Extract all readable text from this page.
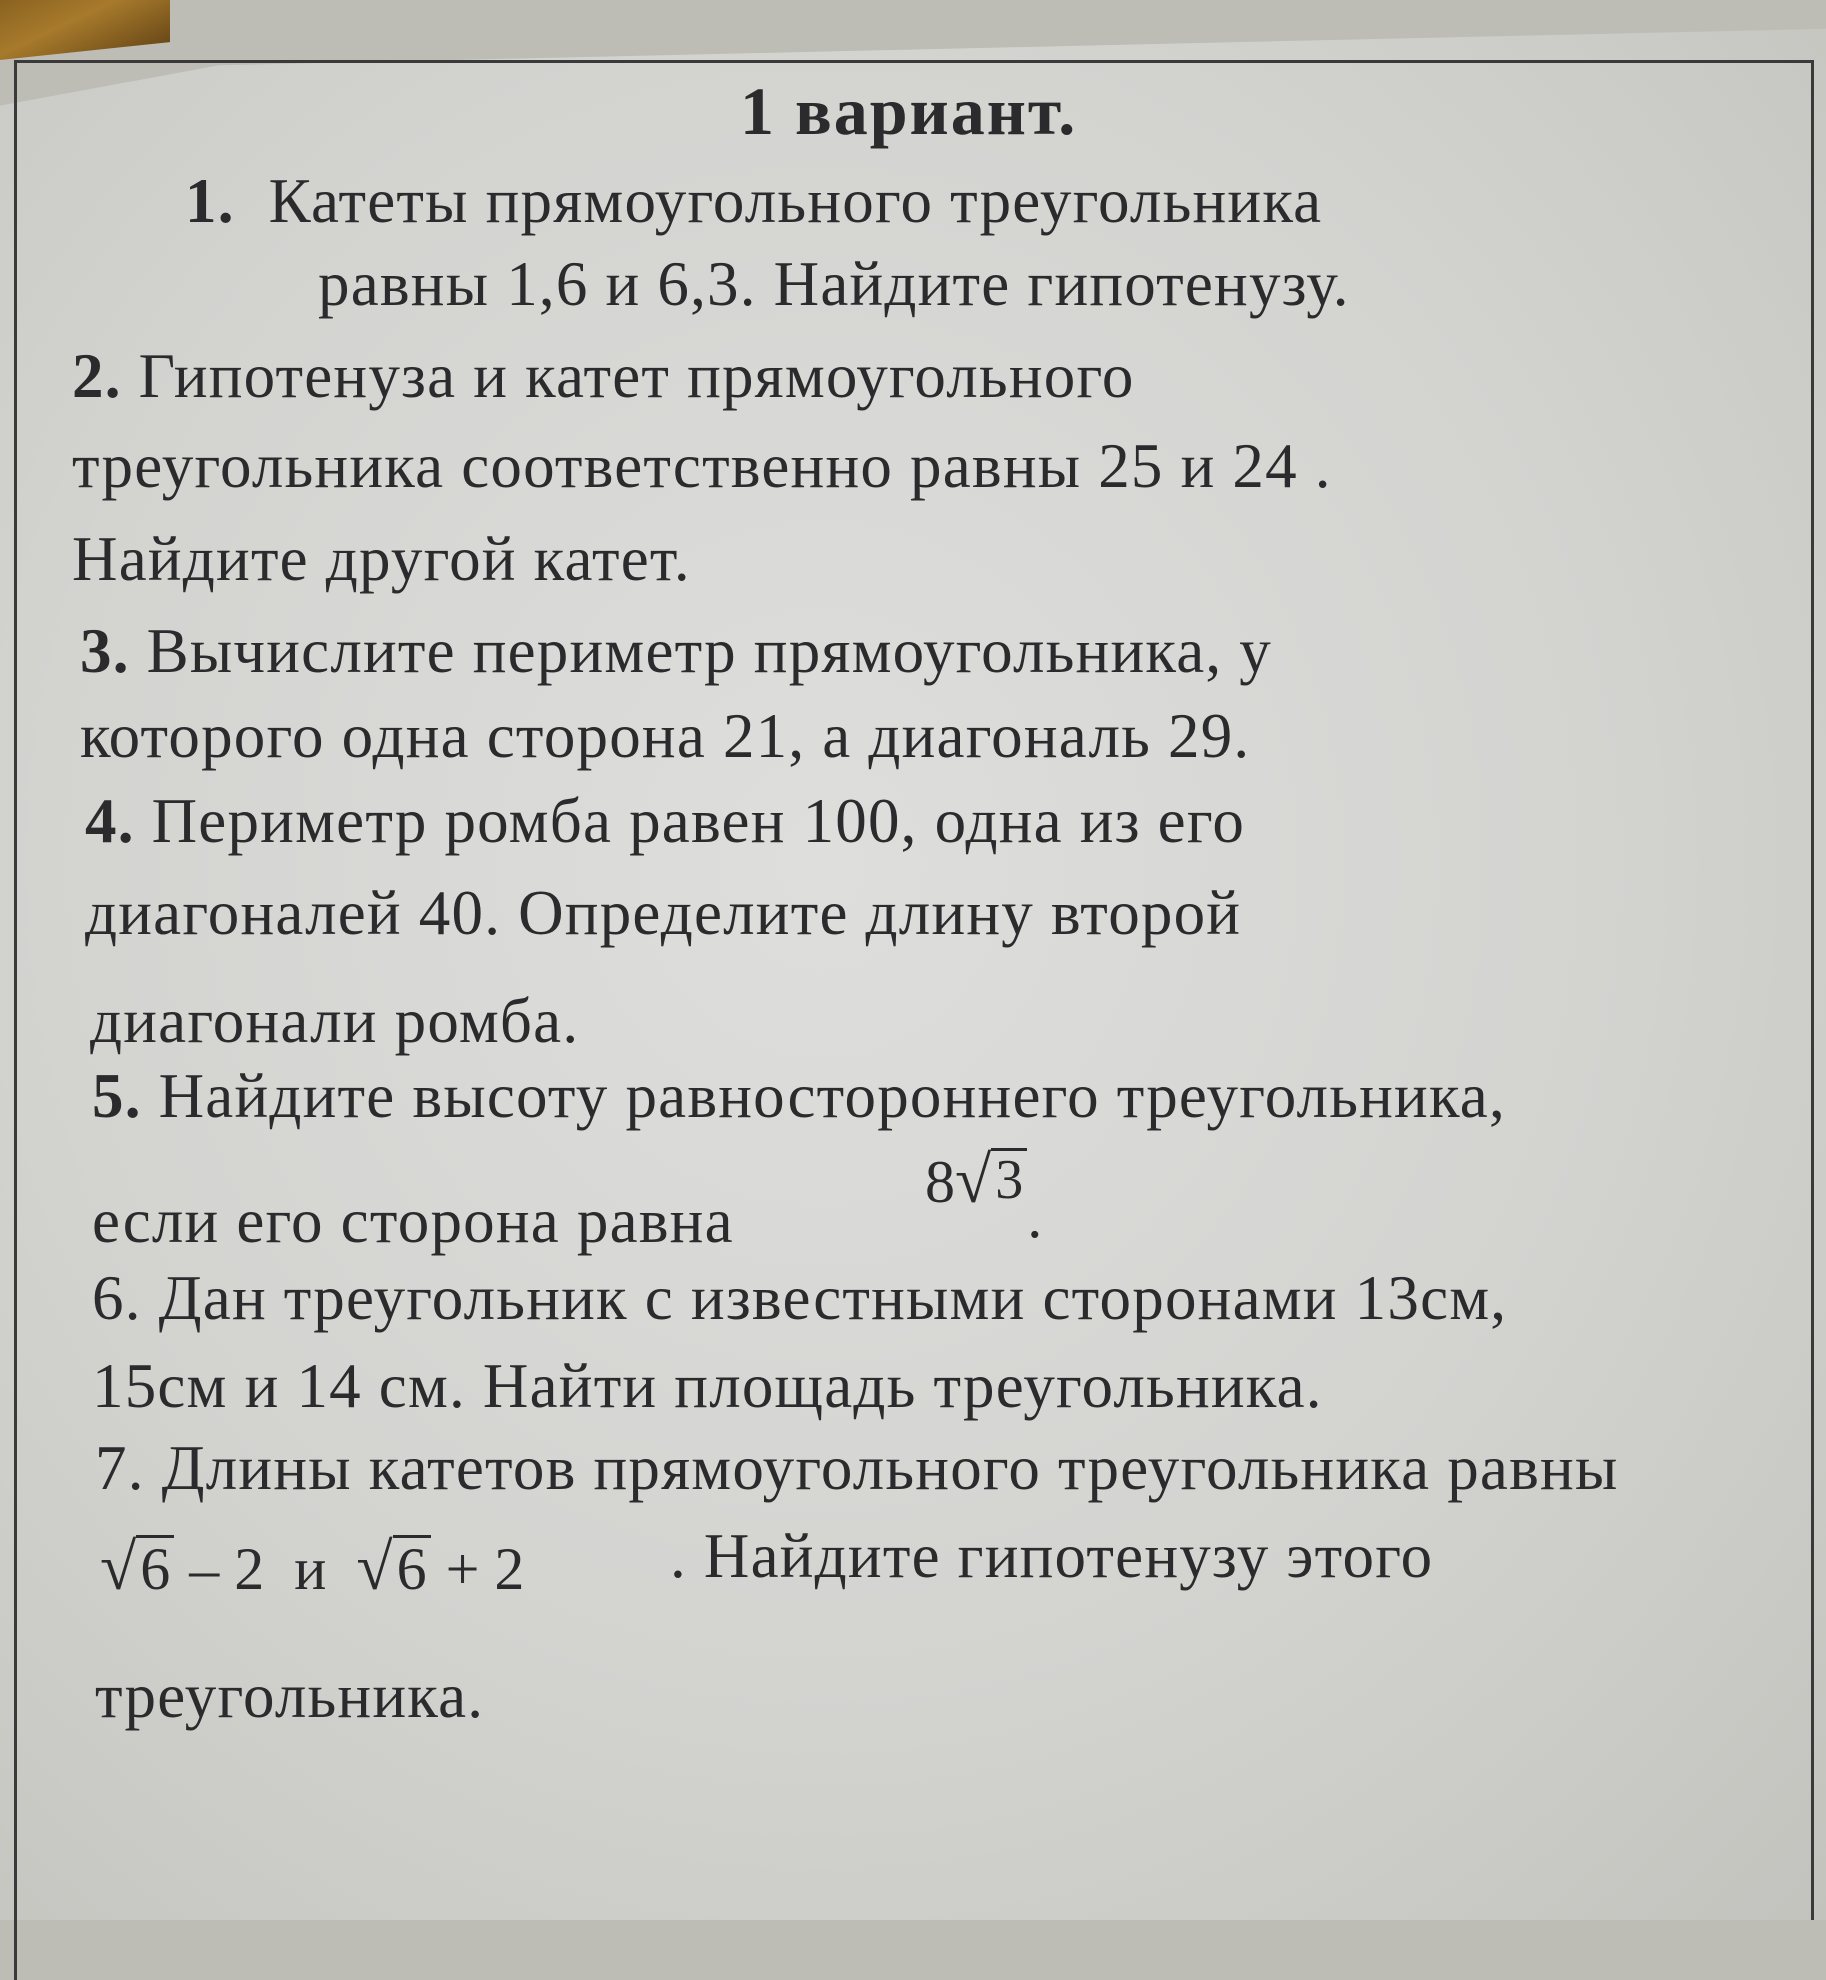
1 вариант.
1. Катеты прямоугольного треугольника
равны 1,6 и 6,3. Найдите гипотенузу.
2. Гипотенуза и катет прямоугольного
треугольника соответственно равны 25 и 24 .
Найдите другой катет.
3. Вычислите периметр прямоугольника, у
которого одна сторона 21, а диагональ 29.
4. Периметр ромба равен 100, одна из его
диагоналей 40. Определите длину второй
диагонали ромба.
5. Найдите высоту равностороннего треугольника,
если его сторона равна
8 √ 3
.
6. Дан треугольник с известными сторонами 13см,
15см и 14 см. Найти площадь треугольника.
7. Длины катетов прямоугольного треугольника равны
√ 6 – 2 и √ 6 + 2 . Найдите гипотенузу этого
треугольника.
